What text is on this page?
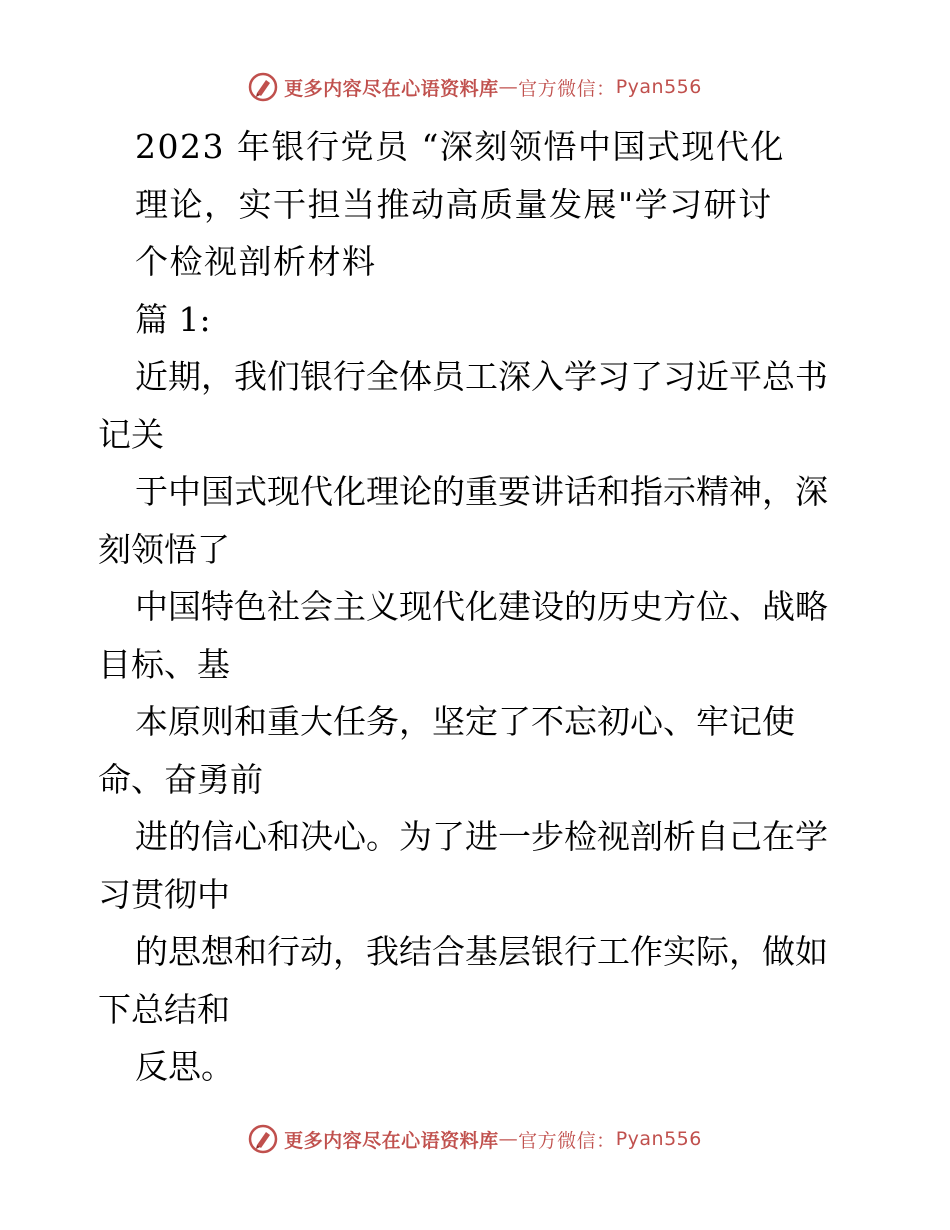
更多内容尽在心语资料库 — 官方微信： Pyan556
2023 年银行党员 “深刻领悟中国式现代化
理论，实干担当推动高质量发展"学习研讨
个检视剖析材料
篇 1:
近期，我们银行全体员工深入学习了习近平总书
记关
于中国式现代化理论的重要讲话和指示精神，深
刻领悟了
中国特色社会主义现代化建设的历史方位、战略
目标、基
本原则和重大任务，坚定了不忘初心、牢记使
命、奋勇前
进的信心和决心。为了进一步检视剖析自己在学
习贯彻中
的思想和行动，我结合基层银行工作实际，做如
下总结和
反思。
更多内容尽在心语资料库 — 官方微信： Pyan556
